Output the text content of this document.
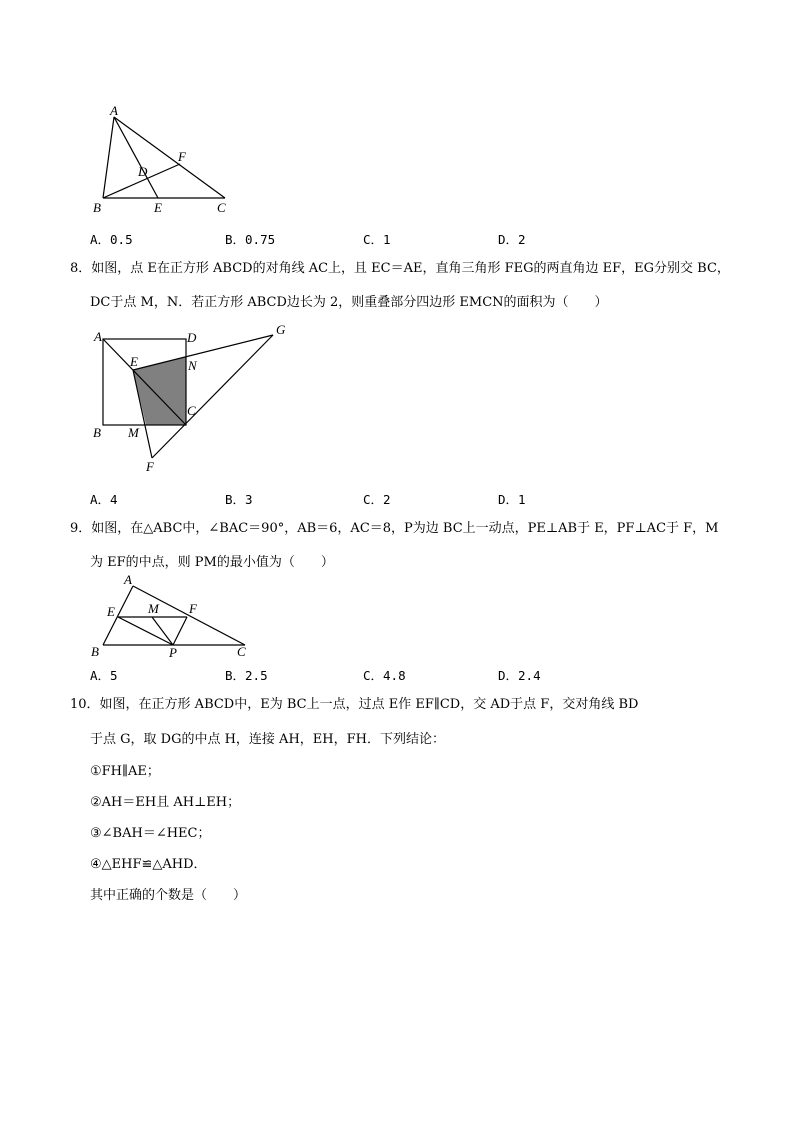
A
B	C
D
E
F
A．0.5	B．0.75	C．1	D．2
8．如图，点 E在正方形 ABCD的对角线 AC上，且 EC＝AE，直角三角形 FEG的两直角边 EF，EG分别交 BC，
DC于点 M，N．若正方形 ABCD边长为 2，则重叠部分四边形 EMCN的面积为（　　）
A	D
G
E	N
C
B M
F
A．4	B．3	C．2	D．1
9．如图，在△ABC中，∠BAC＝90°，AB＝6，AC＝8，P为边 BC上一动点，PE⊥AB于 E，PF⊥AC于 F，M
为 EF的中点，则 PM的最小值为（　　）
A
E	M F
B	P	C
A．5	B．2.5	C．4.8	D．2.4
10．如图，在正方形 ABCD中，E为 BC上一点，过点 E作 EF∥CD，交 AD于点 F，交对角线 BD
于点 G，取 DG的中点 H，连接 AH，EH，FH．下列结论：
①FH∥AE；
②AH＝EH且 AH⊥EH；
③∠BAH＝∠HEC；
④△EHF≌△AHD．
其中正确的个数是（　　）
